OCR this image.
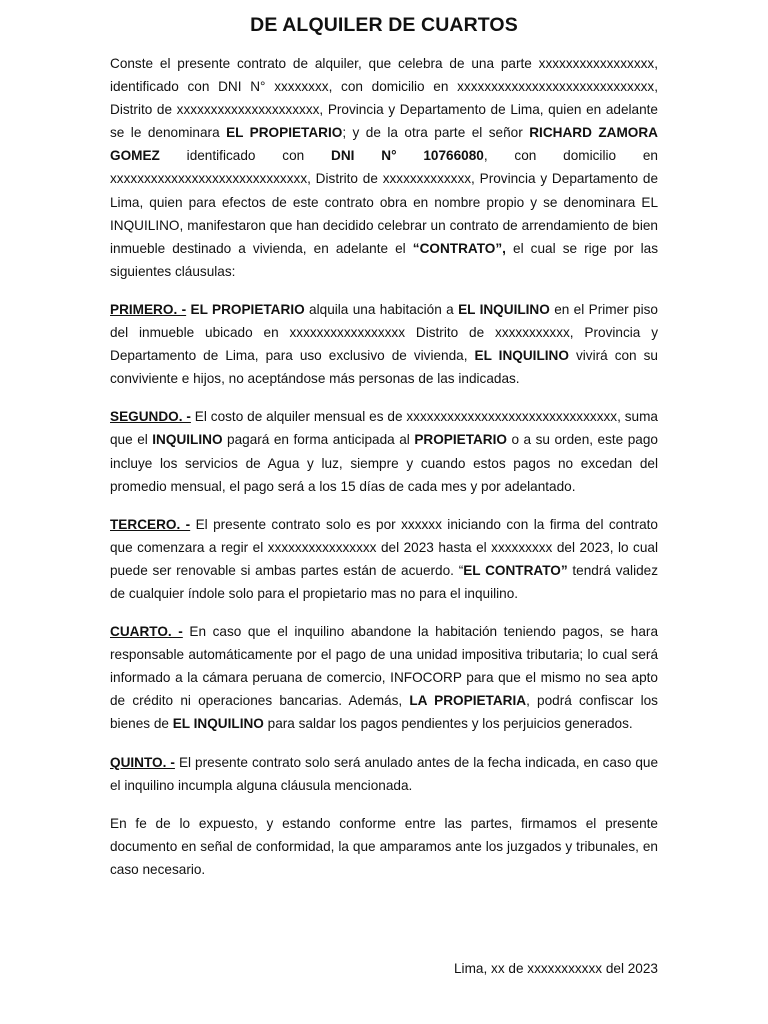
DE ALQUILER DE CUARTOS

Conste el presente contrato de alquiler, que celebra de una parte xxxxxxxxxxxxxxxxx, identificado con DNI N° xxxxxxxx, con domicilio en xxxxxxxxxxxxxxxxxxxxxxxxxxxxx, Distrito de xxxxxxxxxxxxxxxxxxxxx, Provincia y Departamento de Lima, quien en adelante se le denominara EL PROPIETARIO; y de la otra parte el señor RICHARD ZAMORA GOMEZ identificado con DNI N° 10766080, con domicilio en xxxxxxxxxxxxxxxxxxxxxxxxxxxxx, Distrito de xxxxxxxxxxxxx, Provincia y Departamento de Lima, quien para efectos de este contrato obra en nombre propio y se denominara EL INQUILINO, manifestaron que han decidido celebrar un contrato de arrendamiento de bien inmueble destinado a vivienda, en adelante el “CONTRATO”, el cual se rige por las siguientes cláusulas:

PRIMERO. - EL PROPIETARIO alquila una habitación a EL INQUILINO en el Primer piso del inmueble ubicado en xxxxxxxxxxxxxxxxx Distrito de xxxxxxxxxxx, Provincia y Departamento de Lima, para uso exclusivo de vivienda, EL INQUILINO vivirá con su conviviente e hijos, no aceptándose más personas de las indicadas.

SEGUNDO. - El costo de alquiler mensual es de xxxxxxxxxxxxxxxxxxxxxxxxxxxxxxx, suma que el INQUILINO pagará en forma anticipada al PROPIETARIO o a su orden, este pago incluye los servicios de Agua y luz, siempre y cuando estos pagos no excedan del promedio mensual, el pago será a los 15 días de cada mes y por adelantado.

TERCERO. - El presente contrato solo es por xxxxxx iniciando con la firma del contrato que comenzara a regir el xxxxxxxxxxxxxxxx del 2023 hasta el xxxxxxxxx del 2023, lo cual puede ser renovable si ambas partes están de acuerdo. “EL CONTRATO” tendrá validez de cualquier índole solo para el propietario mas no para el inquilino.

CUARTO. - En caso que el inquilino abandone la habitación teniendo pagos, se hara responsable automáticamente por el pago de una unidad impositiva tributaria; lo cual será informado a la cámara peruana de comercio, INFOCORP para que el mismo no sea apto de crédito ni operaciones bancarias. Además, LA PROPIETARIA, podrá confiscar los bienes de EL INQUILINO para saldar los pagos pendientes y los perjuicios generados.

QUINTO. - El presente contrato solo será anulado antes de la fecha indicada, en caso que el inquilino incumpla alguna cláusula mencionada.

En fe de lo expuesto, y estando conforme entre las partes, firmamos el presente documento en señal de conformidad, la que amparamos ante los juzgados y tribunales, en caso necesario.

Lima, xx de xxxxxxxxxxx del 2023
